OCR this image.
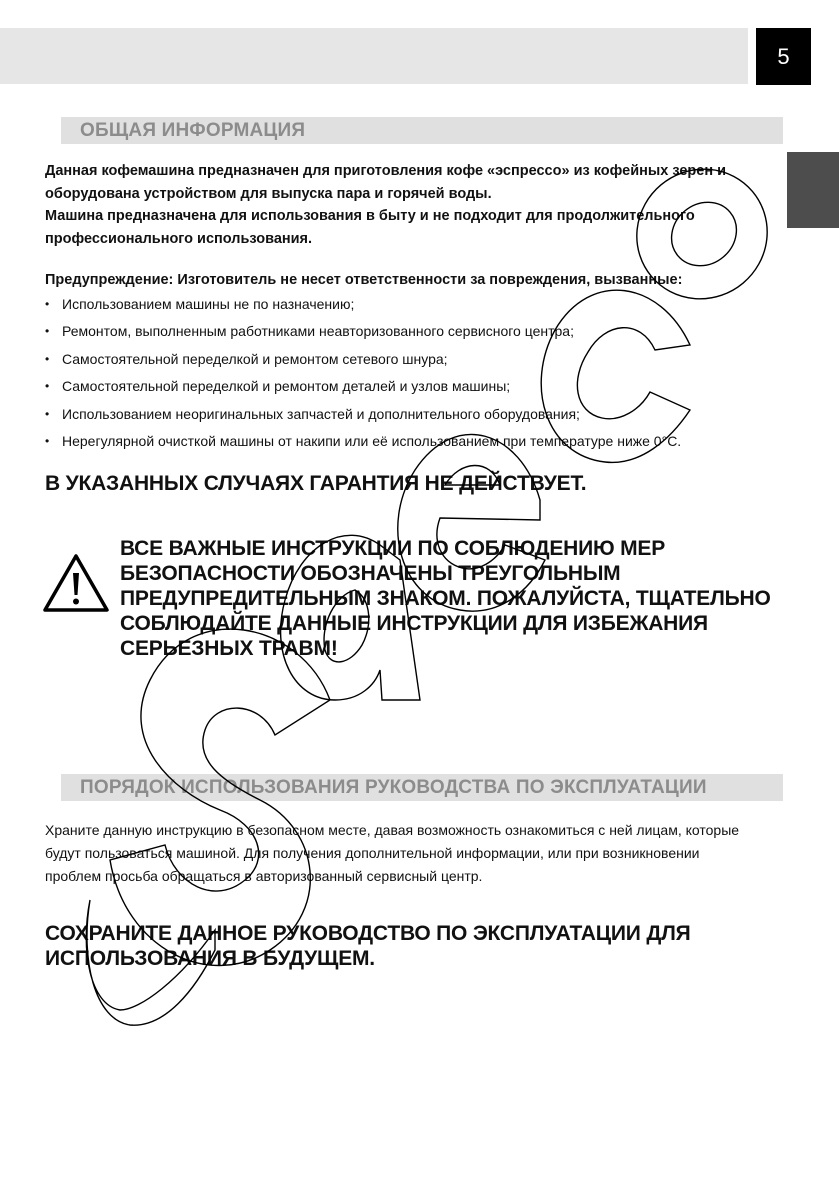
5
ОБЩАЯ ИНФОРМАЦИЯ

Данная кофемашина предназначен для приготовления кофе «эспрессо» из кофейных зерен и

оборудована устройством для выпуска пара и горячей воды.

Машина предназначена для использования в быту и не подходит для продолжительного

профессионального использования.

Предупреждение: Изготовитель не несет ответственности за повреждения, вызванные:
• Использованием машины не по назначению;
• Ремонтом, выполненным работниками неавторизованного сервисного центра;
• Самостоятельной переделкой и ремонтом сетевого шнура;
• Самостоятельной переделкой и ремонтом деталей и узлов машины;
• Использованием неоригинальных запчастей и дополнительного оборудования;
• Нерегулярной очисткой машины от накипи или её использованием при температуре ниже 0°C.
В УКАЗАННЫХ СЛУЧАЯХ ГАРАНТИЯ НЕ ДЕЙСТВУЕТ.
ВСЕ ВАЖНЫЕ ИНСТРУКЦИИ ПО СОБЛЮДЕНИЮ МЕР
БЕЗОПАСНОСТИ ОБОЗНАЧЕНЫ ТРЕУГОЛЬНЫМ
ПРЕДУПРЕДИТЕЛЬНЫМ ЗНАКОМ. ПОЖАЛУЙСТА, ТЩАТЕЛЬНО
СОБЛЮДАЙТЕ ДАННЫЕ ИНСТРУКЦИИ ДЛЯ ИЗБЕЖАНИЯ
СЕРЬЕЗНЫХ ТРАВМ!
ПОРЯДОК ИСПОЛЬЗОВАНИЯ РУКОВОДСТВА ПО ЭКСПЛУАТАЦИИ
Храните данную инструкцию в безопасном месте, давая возможность ознакомиться с ней лицам, которые
будут пользоваться машиной. Для получения дополнительной информации, или при возникновении
проблем просьба обращаться в авторизованный сервисный центр.
СОХРАНИТЕ ДАННОЕ РУКОВОДСТВО ПО ЭКСПЛУАТАЦИИ ДЛЯ
ИСПОЛЬЗОВАНИЯ В БУДУЩЕМ.
